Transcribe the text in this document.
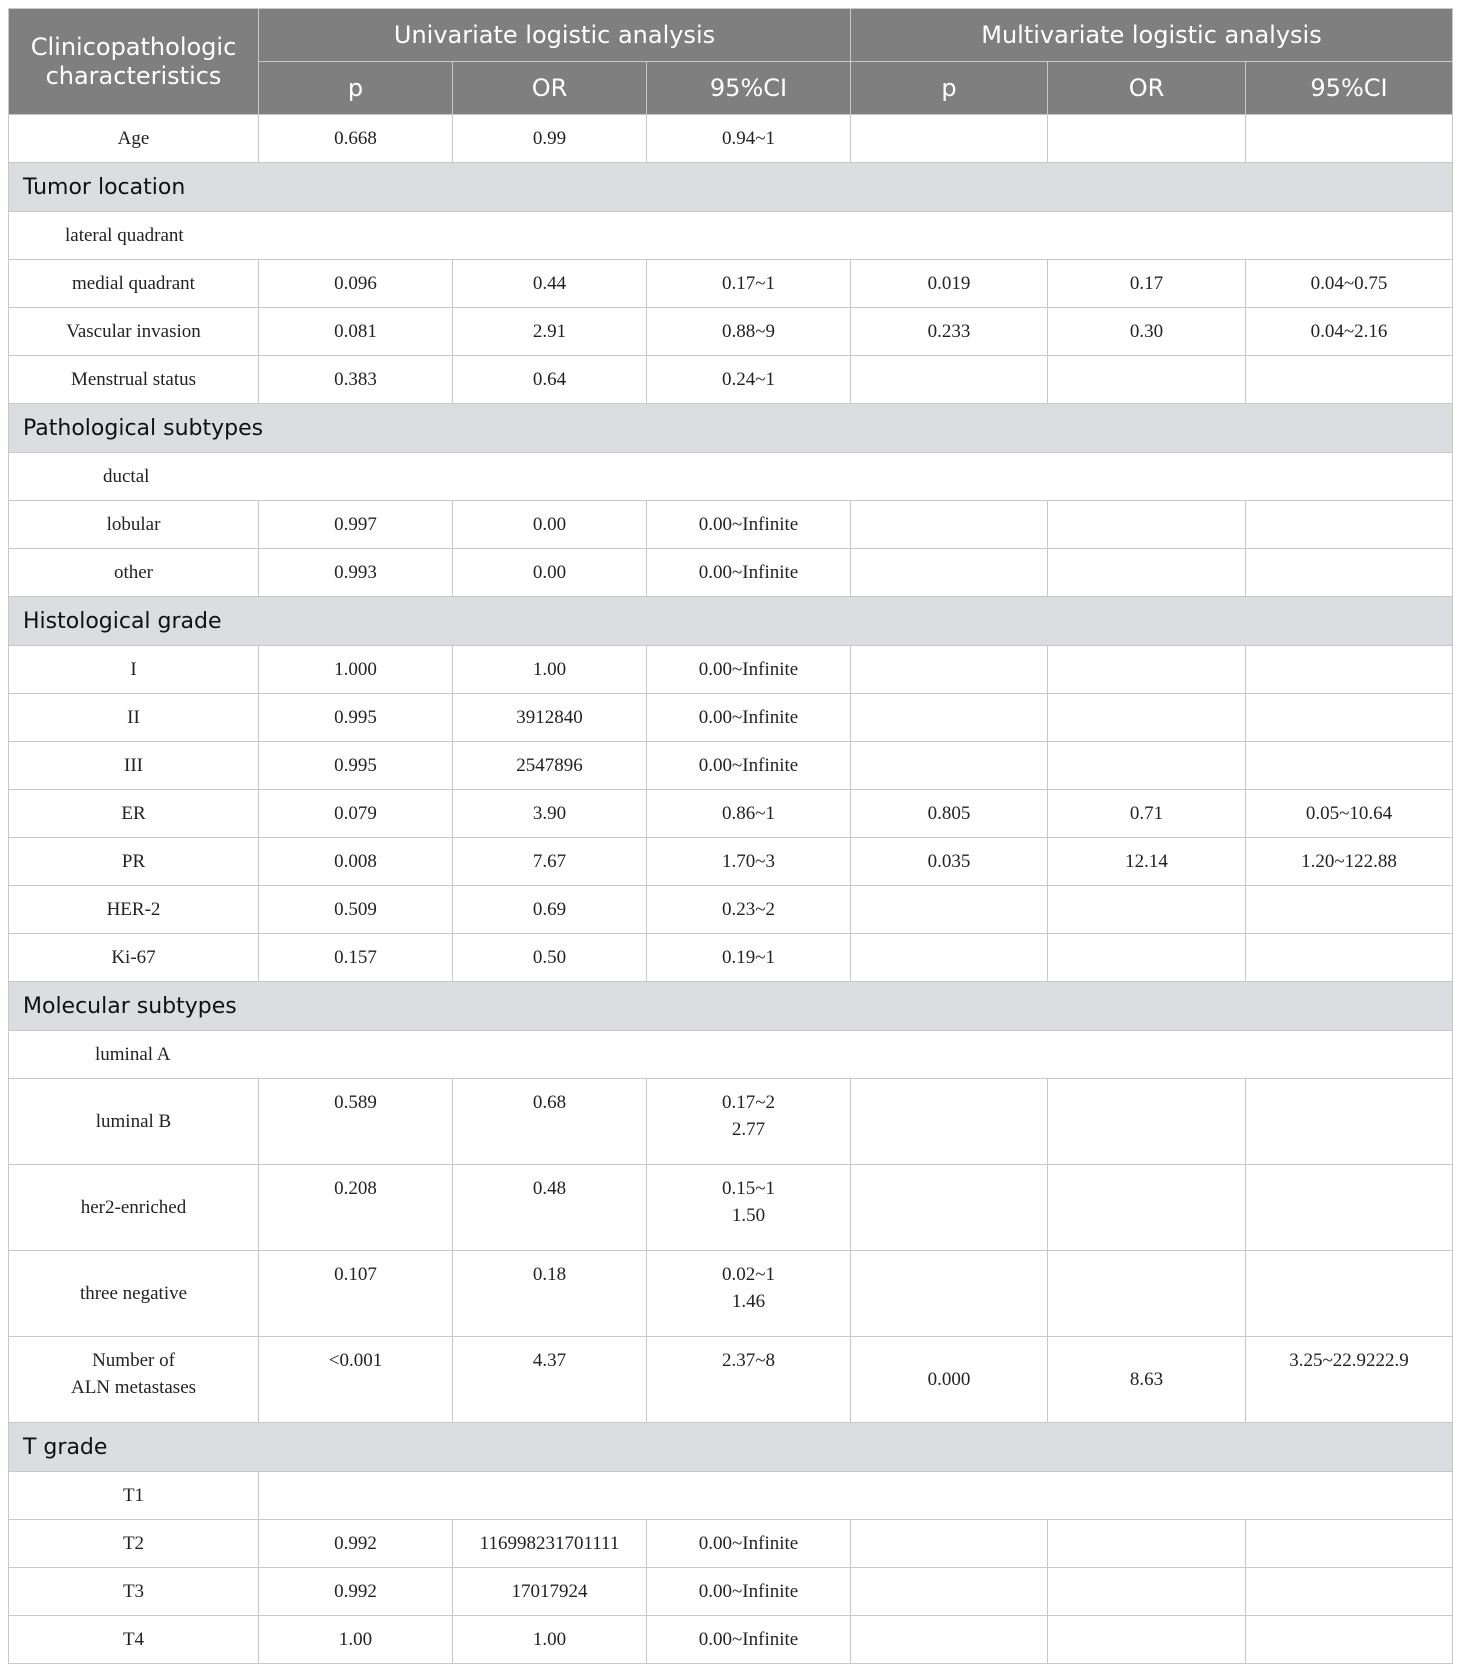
Clinicopathologic characteristics	Univariate logistic analysis			Multivariate logistic analysis		
	p	OR	95%CI	p	OR	95%CI
Age	0.668	0.99	0.94~1			
Tumor location						
lateral quadrant						
medial quadrant	0.096	0.44	0.17~1	0.019	0.17	0.04~0.75
Vascular invasion	0.081	2.91	0.88~9	0.233	0.30	0.04~2.16
Menstrual status	0.383	0.64	0.24~1			
Pathological subtypes						
ductal						
lobular	0.997	0.00	0.00~Infinite			
other	0.993	0.00	0.00~Infinite			
Histological grade						
I	1.000	1.00	0.00~Infinite			
II	0.995	3912840	0.00~Infinite			
III	0.995	2547896	0.00~Infinite			
ER	0.079	3.90	0.86~1	0.805	0.71	0.05~10.64
PR	0.008	7.67	1.70~3	0.035	12.14	1.20~122.88
HER-2	0.509	0.69	0.23~2			
Ki-67	0.157	0.50	0.19~1			
Molecular subtypes						
luminal A						
luminal B	0.589	0.68	0.17~2
2.77			
her2-enriched	0.208	0.48	0.15~1
1.50			
three negative	0.107	0.18	0.02~1
1.46			
Number of
ALN metastases	<0.001	4.37	2.37~8	0.000	8.63	3.25~22.9222.9
T grade						
T1						
T2	0.992	116998231701111	0.00~Infinite			
T3	0.992	17017924	0.00~Infinite			
T4	1.00	1.00	0.00~Infinite			
